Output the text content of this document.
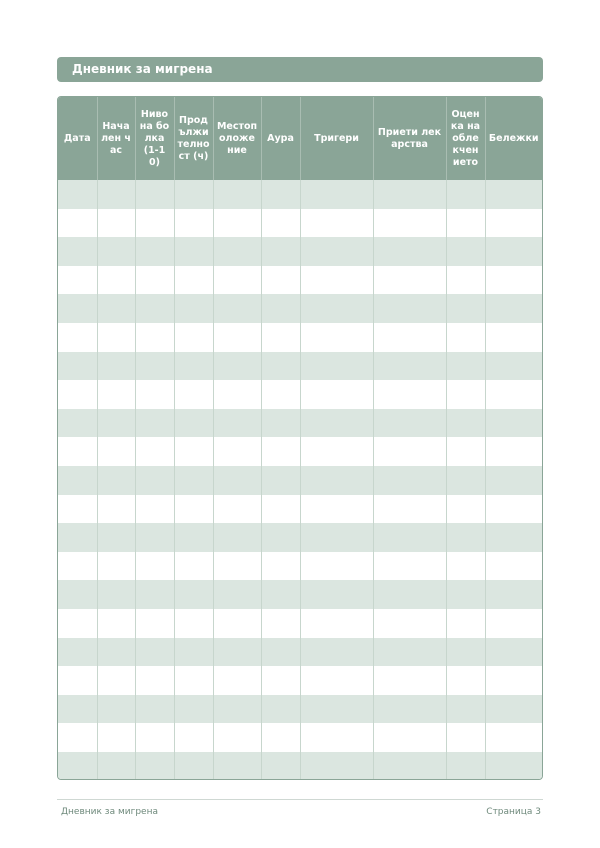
Дневник за мигрена
Дата	Начален час	Ниво на болка (1-10)	Продължителност (ч)	Местоположение	Аура	Тригери	Приети лекарства	Оценка на облекчението	Бележки

Дневник за мигрена	Страница 3
